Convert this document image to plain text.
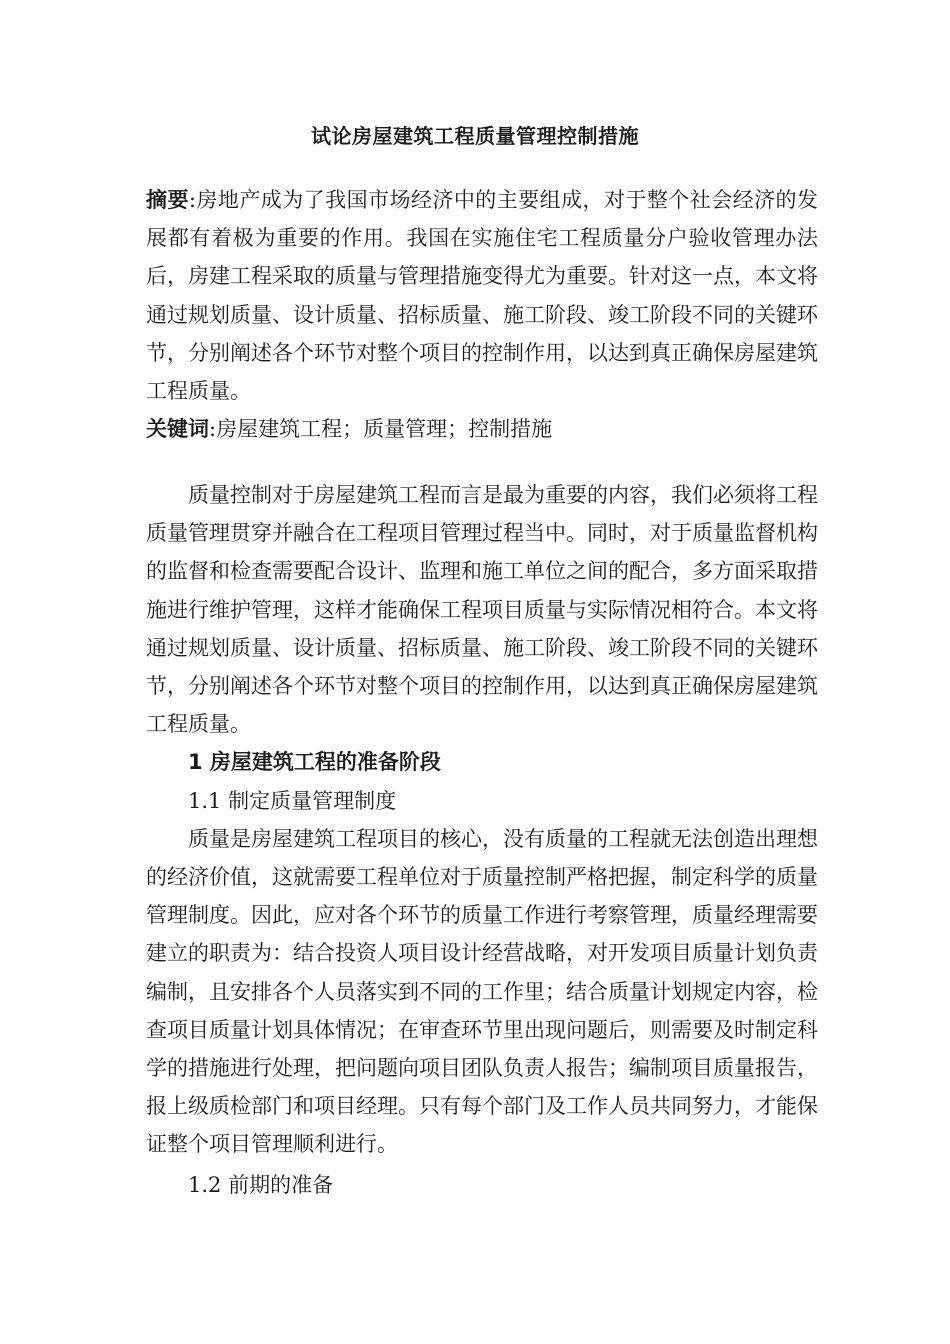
试论房屋建筑工程质量管理控制措施

摘要:房地产成为了我国市场经济中的主要组成，对于整个社会经济的发展都有着极为重要的作用。我国在实施住宅工程质量分户验收管理办法后，房建工程采取的质量与管理措施变得尤为重要。针对这一点，本文将通过规划质量、设计质量、招标质量、施工阶段、竣工阶段不同的关键环节，分别阐述各个环节对整个项目的控制作用，以达到真正确保房屋建筑工程质量。

关键词:房屋建筑工程；质量管理；控制措施

质量控制对于房屋建筑工程而言是最为重要的内容，我们必须将工程质量管理贯穿并融合在工程项目管理过程当中。同时，对于质量监督机构的监督和检查需要配合设计、监理和施工单位之间的配合，多方面采取措施进行维护管理，这样才能确保工程项目质量与实际情况相符合。本文将通过规划质量、设计质量、招标质量、施工阶段、竣工阶段不同的关键环节，分别阐述各个环节对整个项目的控制作用，以达到真正确保房屋建筑工程质量。

1 房屋建筑工程的准备阶段

1.1 制定质量管理制度

质量是房屋建筑工程项目的核心，没有质量的工程就无法创造出理想的经济价值，这就需要工程单位对于质量控制严格把握，制定科学的质量管理制度。因此，应对各个环节的质量工作进行考察管理，质量经理需要建立的职责为：结合投资人项目设计经营战略，对开发项目质量计划负责编制，且安排各个人员落实到不同的工作里；结合质量计划规定内容，检查项目质量计划具体情况；在审查环节里出现问题后，则需要及时制定科学的措施进行处理，把问题向项目团队负责人报告；编制项目质量报告，报上级质检部门和项目经理。只有每个部门及工作人员共同努力，才能保证整个项目管理顺利进行。

1.2 前期的准备
